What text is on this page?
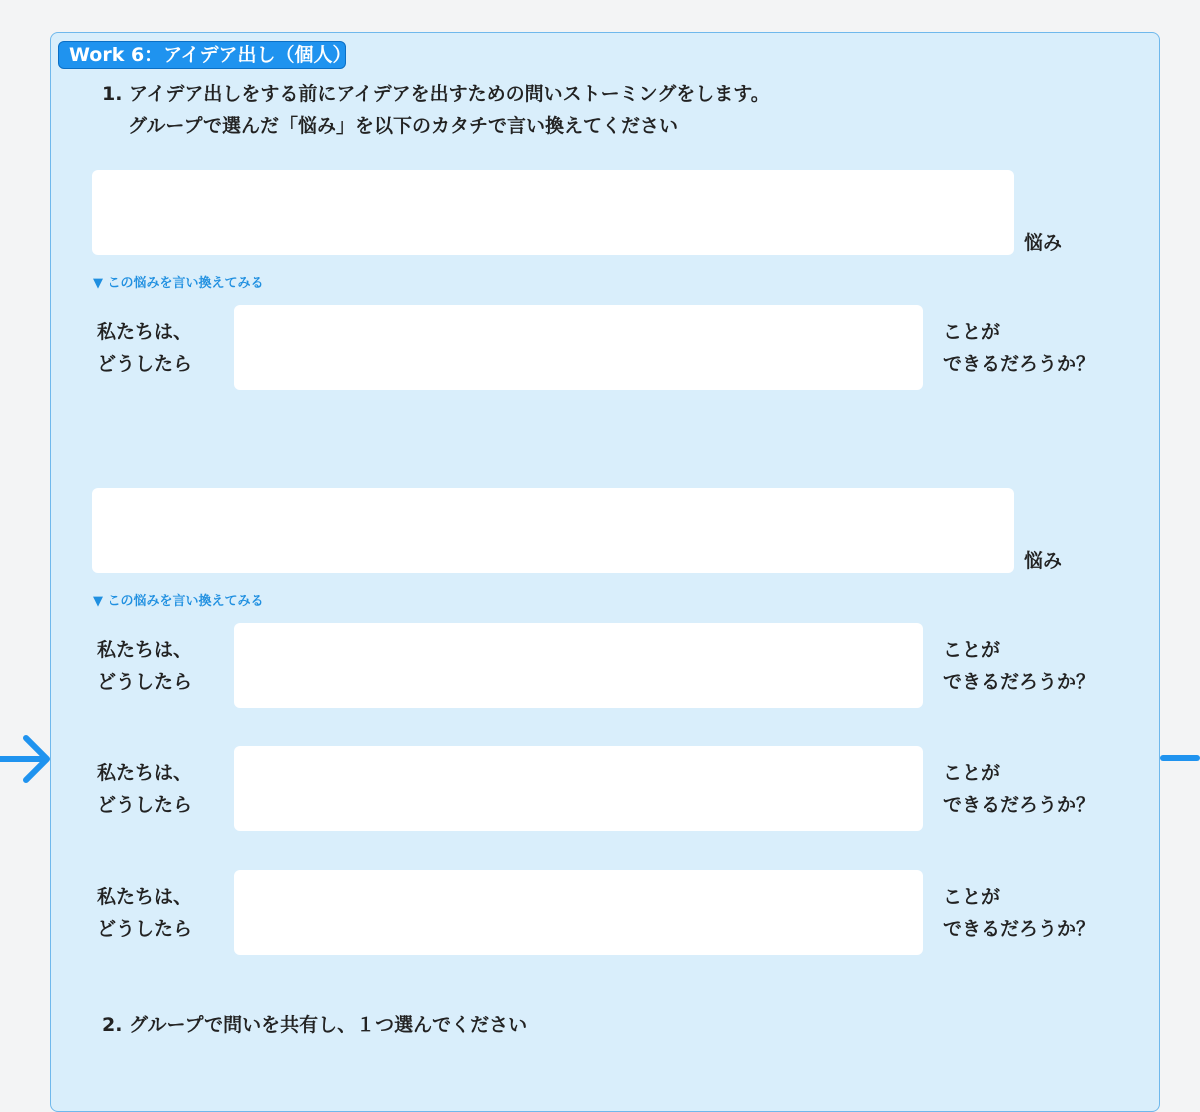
Work 6：アイデア出し（個人）
1. アイデア出しをする前にアイデアを出すための問いストーミングをします。
グループで選んだ「悩み」を以下のカタチで言い換えてください
悩み
▼ この悩みを言い換えてみる
私たちは、
どうしたら
ことが
できるだろうか？
悩み
▼ この悩みを言い換えてみる
私たちは、
どうしたら
ことが
できるだろうか？
私たちは、
どうしたら
ことが
できるだろうか？
私たちは、
どうしたら
ことが
できるだろうか？
2. グループで問いを共有し、１つ選んでください
